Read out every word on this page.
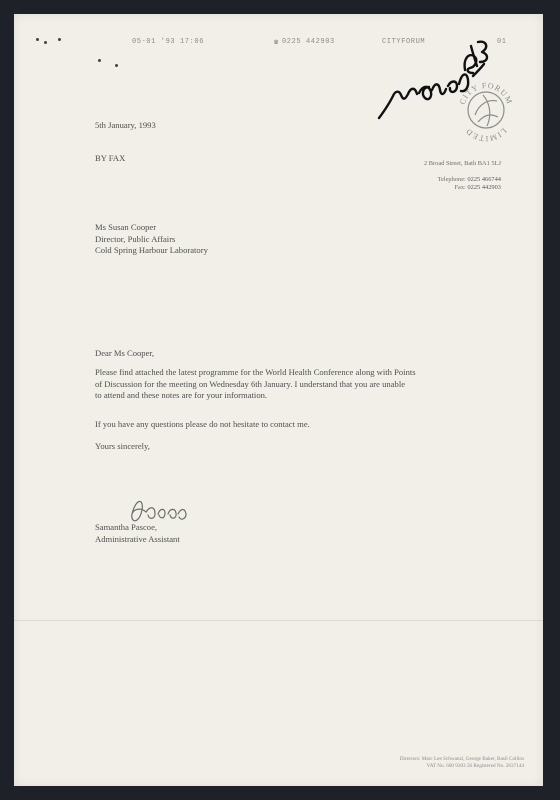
05-01 '93 17:06	☎ 0225 442903	CITYFORUM	01
CITY FORUM
LIMITED
2 Broad Street, Bath BA1 5LJ
Telephone: 0225 466744
Fax: 0225 442903
5th January, 1993
BY FAX
Ms Susan Cooper
Director, Public Affairs
Cold Spring Harbour Laboratory
Dear Ms Cooper,
Please find attached the latest programme for the World Health Conference along with Points
of Discussion for the meeting on Wednesday 6th January. I understand that you are unable
to attend and these notes are for your information.
If you have any questions please do not hesitate to contact me.
Yours sincerely,
Samantha Pascoe,
Administrative Assistant
Directors: Marc Lee Schwanzl, George Baker, Basil Collins
VAT No. 600 9303 56 Registered No. 2637144
